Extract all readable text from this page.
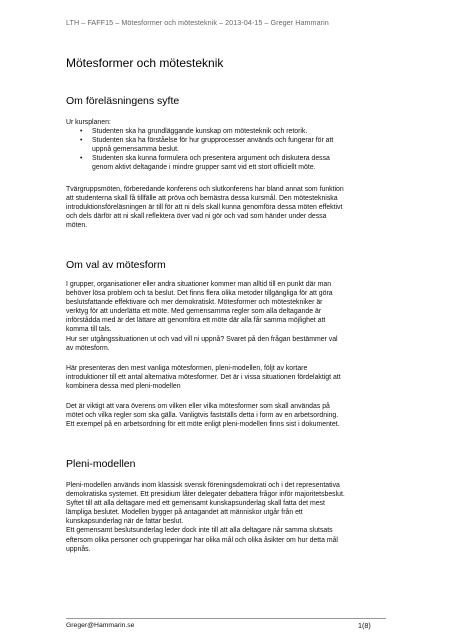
LTH – FAFF15 – Mötesformer och mötesteknik – 2013-04-15 – Greger Hammarin
Mötesformer och mötesteknik
Om föreläsningens syfte

Ur kursplanen:

• Studenten ska ha grundläggande kunskap om mötesteknik och retorik.
• Studenten ska ha förståelse för hur grupprocesser används och fungerar för att
uppnå gemensamma beslut.
• Studenten ska kunna formulera och presentera argument och diskutera dessa
genom aktivt deltagande i mindre grupper samt vid ett stort officiellt möte.

Tvärgruppsmöten, förberedande konferens och slutkonferens har bland annat som funktion
att studenterna skall få tillfälle att pröva och bemästra dessa kursmål. Den mötestekniska
introduktionsföreläsningen är till för att ni dels skall kunna genomföra dessa möten effektivt
och dels därför att ni skall reflektera över vad ni gör och vad som händer under dessa
möten.

Om val av mötesform

I grupper, organisationer eller andra situationer kommer man alltid till en punkt där man
behöver lösa problem och ta beslut. Det finns flera olika metoder tillgängliga för att göra
beslutsfattande effektivare och mer demokratiskt. Mötesformer och mötestekniker är
verktyg för att underlätta ett möte. Med gemensamma regler som alla deltagande är
införstådda med är det lättare att genomföra ett möte där alla får samma möjlighet att
komma till tals.
Hur ser utgångssituationen ut och vad vill ni uppnå? Svaret på den frågan bestämmer val
av mötesform.

Här presenteras den mest vanliga mötesformen, pleni-modellen, följt av kortare
introduktioner till ett antal alternativa mötesformer. Det är i vissa situationen fördelaktigt att
kombinera dessa med pleni-modellen

Det är viktigt att vara överens om vilken eller vilka mötesformer som skall användas på
mötet och vilka regler som ska gälla. Vanligtvis fastställs detta i form av en arbetsordning.
Ett exempel på en arbetsordning för ett möte enligt pleni-modellen finns sist i dokumentet.

Pleni-modellen

Pleni-modellen används inom klassisk svensk föreningsdemokrati och i det representativa
demokratiska systemet. Ett presidium låter delegater debattera frågor inför majoritetsbeslut.
Syftet till att alla deltagare med ett gemensamt kunskapsunderlag skall fatta det mest
lämpliga beslutet. Modellen bygger på antagandet att människor utgår från ett
kunskapsunderlag när de fattar beslut.
Ett gemensamt beslutsunderlag leder dock inte till att alla deltagare når samma slutsats
eftersom olika personer och grupperingar har olika mål och olika åsikter om hur detta mål
uppnås.

Greger@Hammarin.se	1(8)
